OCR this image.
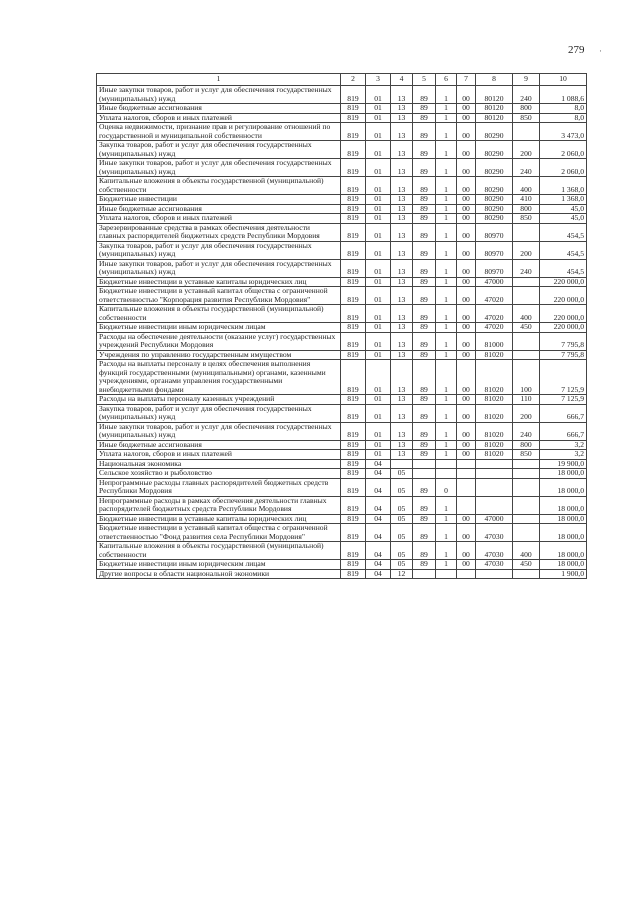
279 ·
1	2	3	4	5	6	7	8	9	10
Иные закупки товаров, работ и услуг для обеспечения государственных (муниципальных) нужд	819	01	13	89	1	00	80120	240	1 088,6
Иные бюджетные ассигнования	819	01	13	89	1	00	80120	800	8,0
Уплата налогов, сборов и иных платежей	819	01	13	89	1	00	80120	850	8,0
Оценка недвижимости, признание прав и регулирование отношений по государственной и муниципальной собственности	819	01	13	89	1	00	80290		3 473,0
Закупка товаров, работ и услуг для обеспечения государственных (муниципальных) нужд	819	01	13	89	1	00	80290	200	2 060,0
Иные закупки товаров, работ и услуг для обеспечения государственных (муниципальных) нужд	819	01	13	89	1	00	80290	240	2 060,0
Капитальные вложения в объекты государственной (муниципальной) собственности	819	01	13	89	1	00	80290	400	1 368,0
Бюджетные инвестиции	819	01	13	89	1	00	80290	410	1 368,0
Иные бюджетные ассигнования	819	01	13	89	1	00	80290	800	45,0
Уплата налогов, сборов и иных платежей	819	01	13	89	1	00	80290	850	45,0
Зарезервированные средства в рамках обеспечения деятельности главных распорядителей бюджетных средств Республики Мордовия	819	01	13	89	1	00	80970		454,5
Закупка товаров, работ и услуг для обеспечения государственных (муниципальных) нужд	819	01	13	89	1	00	80970	200	454,5
Иные закупки товаров, работ и услуг для обеспечения государственных (муниципальных) нужд	819	01	13	89	1	00	80970	240	454,5
Бюджетные инвестиции в уставные капиталы юридических лиц	819	01	13	89	1	00	47000		220 000,0
Бюджетные инвестиции в уставный капитал общества с ограниченной ответственностью "Корпорация развития Республики Мордовия"	819	01	13	89	1	00	47020		220 000,0
Капитальные вложения в объекты государственной (муниципальной) собственности	819	01	13	89	1	00	47020	400	220 000,0
Бюджетные инвестиции иным юридическим лицам	819	01	13	89	1	00	47020	450	220 000,0
Расходы на обеспечение деятельности (оказание услуг) государственных учреждений Республики Мордовия	819	01	13	89	1	00	81000		7 795,8
Учреждения по управлению государственным имуществом	819	01	13	89	1	00	81020		7 795,8
Расходы на выплаты персоналу в целях обеспечения выполнения функций государственными (муниципальными) органами, казенными учреждениями, органами управления государственными внебюджетными фондами	819	01	13	89	1	00	81020	100	7 125,9
Расходы на выплаты персоналу казенных учреждений	819	01	13	89	1	00	81020	110	7 125,9
Закупка товаров, работ и услуг для обеспечения государственных (муниципальных) нужд	819	01	13	89	1	00	81020	200	666,7
Иные закупки товаров, работ и услуг для обеспечения государственных (муниципальных) нужд	819	01	13	89	1	00	81020	240	666,7
Иные бюджетные ассигнования	819	01	13	89	1	00	81020	800	3,2
Уплата налогов, сборов и иных платежей	819	01	13	89	1	00	81020	850	3,2
Национальная экономика	819	04							19 900,0
Сельское хозяйство и рыболовство	819	04	05						18 000,0
Непрограммные расходы главных распорядителей бюджетных средств Республики Мордовия	819	04	05	89	0				18 000,0
Непрограммные расходы в рамках обеспечения деятельности главных распорядителей бюджетных средств Республики Мордовия	819	04	05	89	1				18 000,0
Бюджетные инвестиции в уставные капиталы юридических лиц	819	04	05	89	1	00	47000		18 000,0
Бюджетные инвестиции в уставный капитал общества с ограниченной ответственностью "Фонд развития села Республики Мордовия"	819	04	05	89	1	00	47030		18 000,0
Капитальные вложения в объекты государственной (муниципальной) собственности	819	04	05	89	1	00	47030	400	18 000,0
Бюджетные инвестиции иным юридическим лицам	819	04	05	89	1	00	47030	450	18 000,0
Другие вопросы в области национальной экономики	819	04	12						1 900,0
